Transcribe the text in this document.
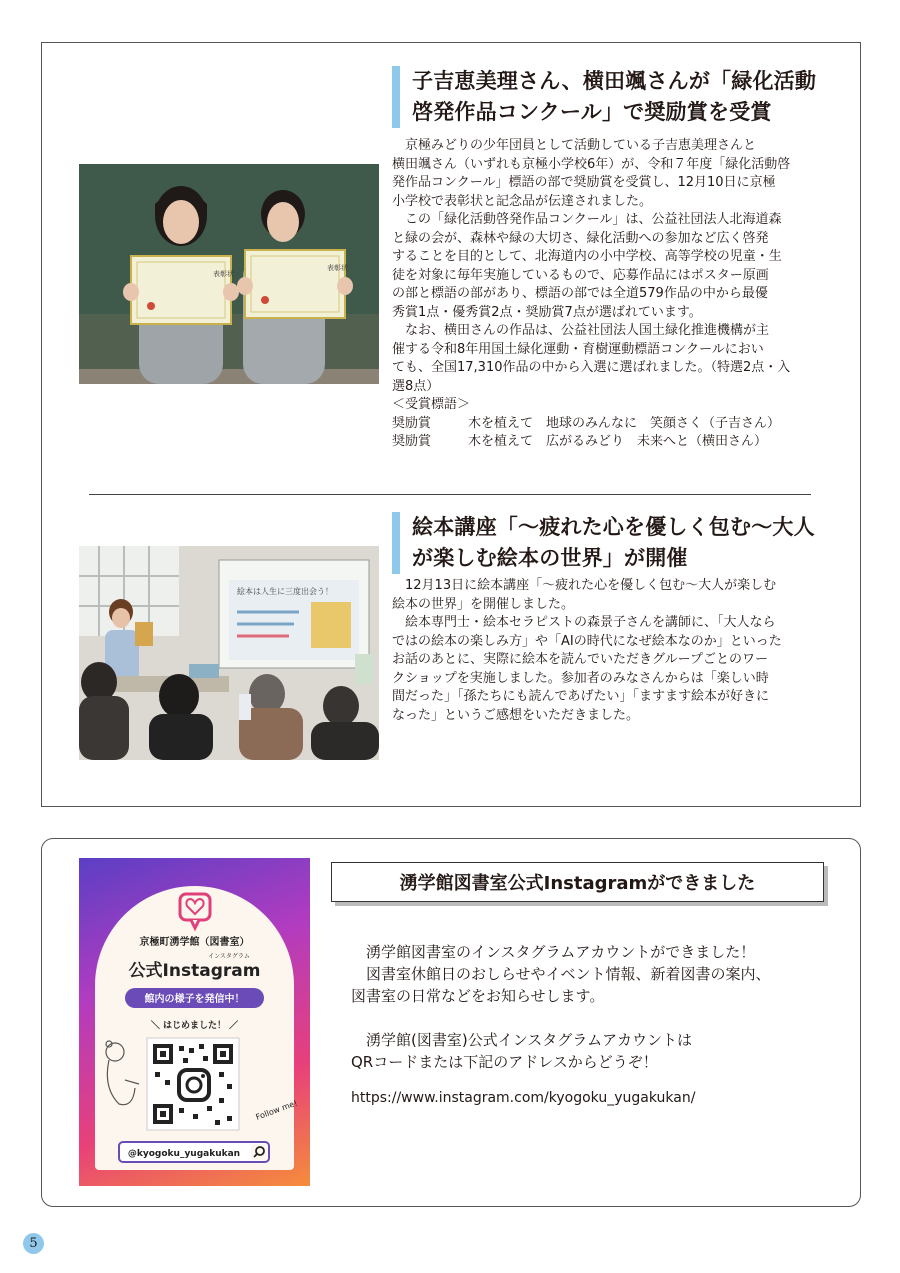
子吉恵美理さん、横田颯さんが「緑化活動
啓発作品コンクール」で奨励賞を受賞
表彰状
表彰状

　京極みどりの少年団員として活動している子吉恵美理さんと

横田颯さん（いずれも京極小学校6年）が、令和７年度「緑化活動啓

発作品コンクール」標語の部で奨励賞を受賞し、12月10日に京極

小学校で表彰状と記念品が伝達されました。

　この「緑化活動啓発作品コンクール」は、公益社団法人北海道森

と緑の会が、森林や緑の大切さ、緑化活動への参加など広く啓発

することを目的として、北海道内の小中学校、高等学校の児童・生

徒を対象に毎年実施しているもので、応募作品にはポスター原画

の部と標語の部があり、標語の部では全道579作品の中から最優

秀賞1点・優秀賞2点・奨励賞7点が選ばれています。

　なお、横田さんの作品は、公益社団法人国土緑化推進機構が主

催する令和8年用国土緑化運動・育樹運動標語コンクールにおい

ても、全国17,310作品の中から入選に選ばれました。（特選2点・入

選8点）

＜受賞標語＞

奨励賞	木を植えて　地球のみんなに　笑顔さく（子吉さん）
奨励賞	木を植えて　広がるみどり　未来へと（横田さん）
絵本講座「～疲れた心を優しく包む～大人
が楽しむ絵本の世界」が開催
絵本は人生に三度出会う！	　12月13日に絵本講座「～疲れた心を優しく包む～大人が楽しむ

絵本の世界」を開催しました。

　絵本専門士・絵本セラピストの森景子さんを講師に、「大人なら

ではの絵本の楽しみ方」や「AIの時代になぜ絵本なのか」といった

お話のあとに、実際に絵本を読んでいただきグループごとのワー

クショップを実施しました。参加者のみなさんからは「楽しい時

間だった」「孫たちにも読んであげたい」「ますます絵本が好きに

なった」というご感想をいただきました。

京極町湧学館（図書室）
インスタグラム
公式Instagram
館内の様子を発信中！
＼ はじめました！ ／
Follow me!
@kyogoku_yugakukan
湧学館図書室公式Instagramができました

　湧学館図書室のインスタグラムアカウントができました！

　図書室休館日のおしらせやイベント情報、新着図書の案内、

図書室の日常などをお知らせします。

　湧学館(図書室)公式インスタグラムアカウントは

QRコードまたは下記のアドレスからどうぞ！

https://www.instagram.com/kyogoku_yugakukan/

5
